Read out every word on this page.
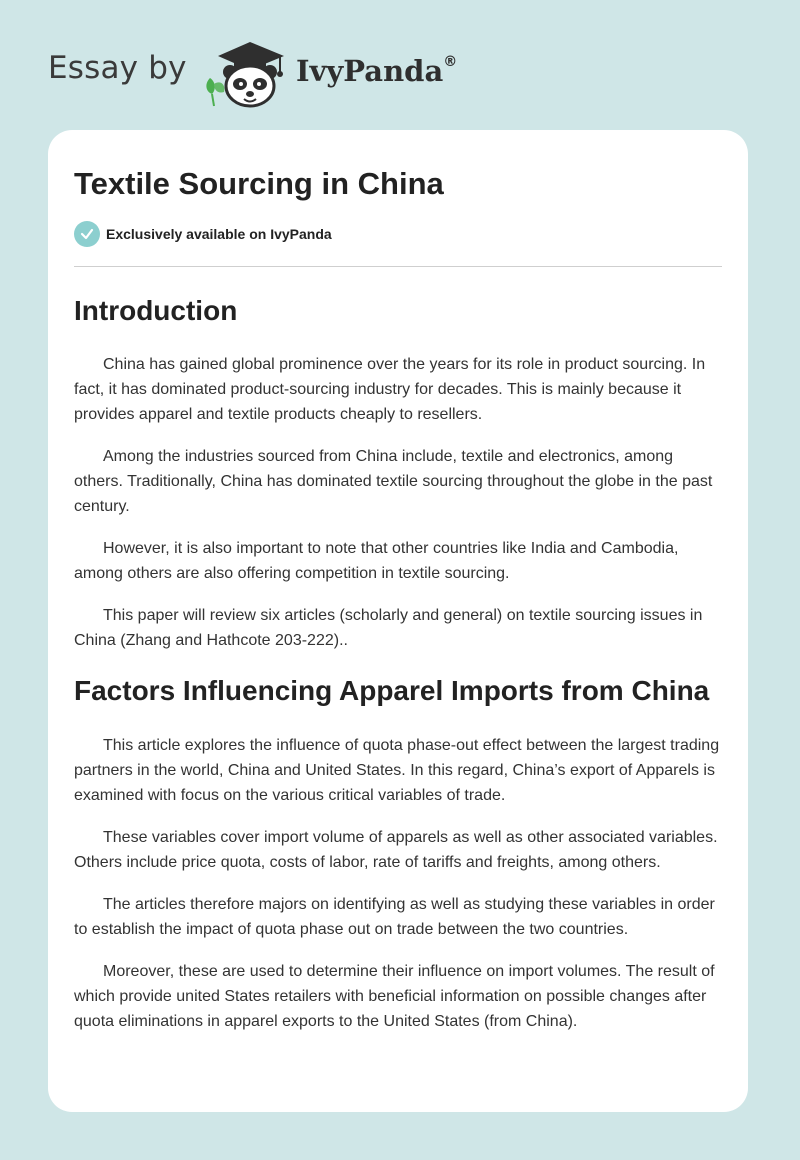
Essay by	IvyPanda®
Textile Sourcing in China
Exclusively available on IvyPanda
Introduction

China has gained global prominence over the years for its role in product sourcing. In fact, it has dominated product-sourcing industry for decades. This is mainly because it provides apparel and textile products cheaply to resellers.

Among the industries sourced from China include, textile and electronics, among others. Traditionally, China has dominated textile sourcing throughout the globe in the past century.

However, it is also important to note that other countries like India and Cambodia, among others are also offering competition in textile sourcing.

This paper will review six articles (scholarly and general) on textile sourcing issues in China (Zhang and Hathcote 203-222)..

Factors Influencing Apparel Imports from China

This article explores the influence of quota phase-out effect between the largest trading partners in the world, China and United States. In this regard, China’s export of Apparels is examined with focus on the various critical variables of trade.

These variables cover import volume of apparels as well as other associated variables. Others include price quota, costs of labor, rate of tariffs and freights, among others.

The articles therefore majors on identifying as well as studying these variables in order to establish the impact of quota phase out on trade between the two countries.

Moreover, these are used to determine their influence on import volumes. The result of which provide united States retailers with beneficial information on possible changes after quota eliminations in apparel exports to the United States (from China).
